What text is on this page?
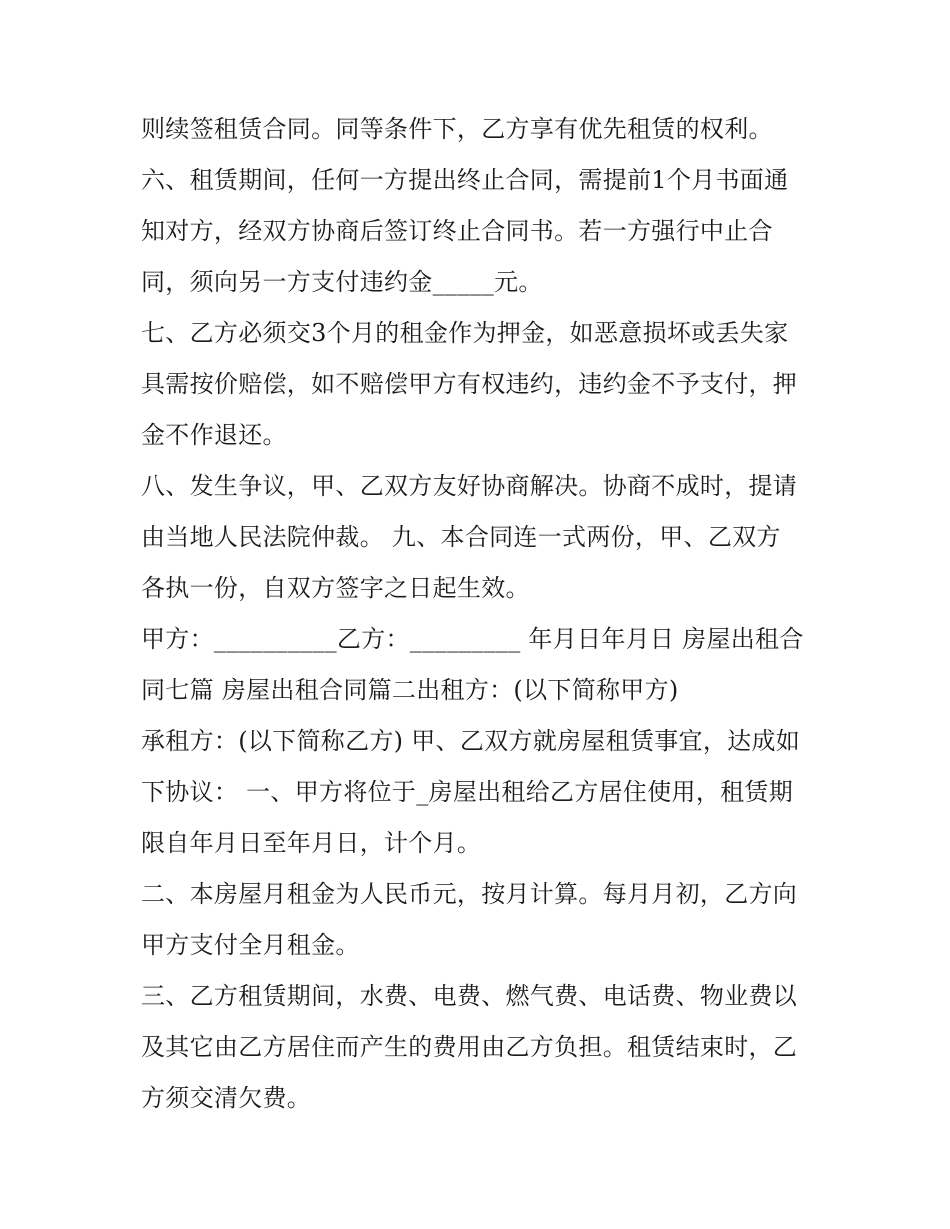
则续签租赁合同。同等条件下，乙方享有优先租赁的权利。
六、租赁期间，任何一方提出终止合同，需提前1个月书面通
知对方，经双方协商后签订终止合同书。若一方强行中止合
同，须向另一方支付违约金_____元。
七、乙方必须交3个月的租金作为押金，如恶意损坏或丢失家
具需按价赔偿，如不赔偿甲方有权违约，违约金不予支付，押
金不作退还。
八、发生争议，甲、乙双方友好协商解决。协商不成时，提请
由当地人民法院仲裁。 九、本合同连一式两份，甲、乙双方
各执一份，自双方签字之日起生效。
甲方：__________乙方：_________ 年月日年月日 房屋出租合
同七篇 房屋出租合同篇二出租方：(以下简称甲方)
承租方：(以下简称乙方) 甲、乙双方就房屋租赁事宜，达成如
下协议： 一、甲方将位于_房屋出租给乙方居住使用，租赁期
限自年月日至年月日，计个月。
二、本房屋月租金为人民币元，按月计算。每月月初，乙方向
甲方支付全月租金。
三、乙方租赁期间，水费、电费、燃气费、电话费、物业费以
及其它由乙方居住而产生的费用由乙方负担。租赁结束时，乙
方须交清欠费。
